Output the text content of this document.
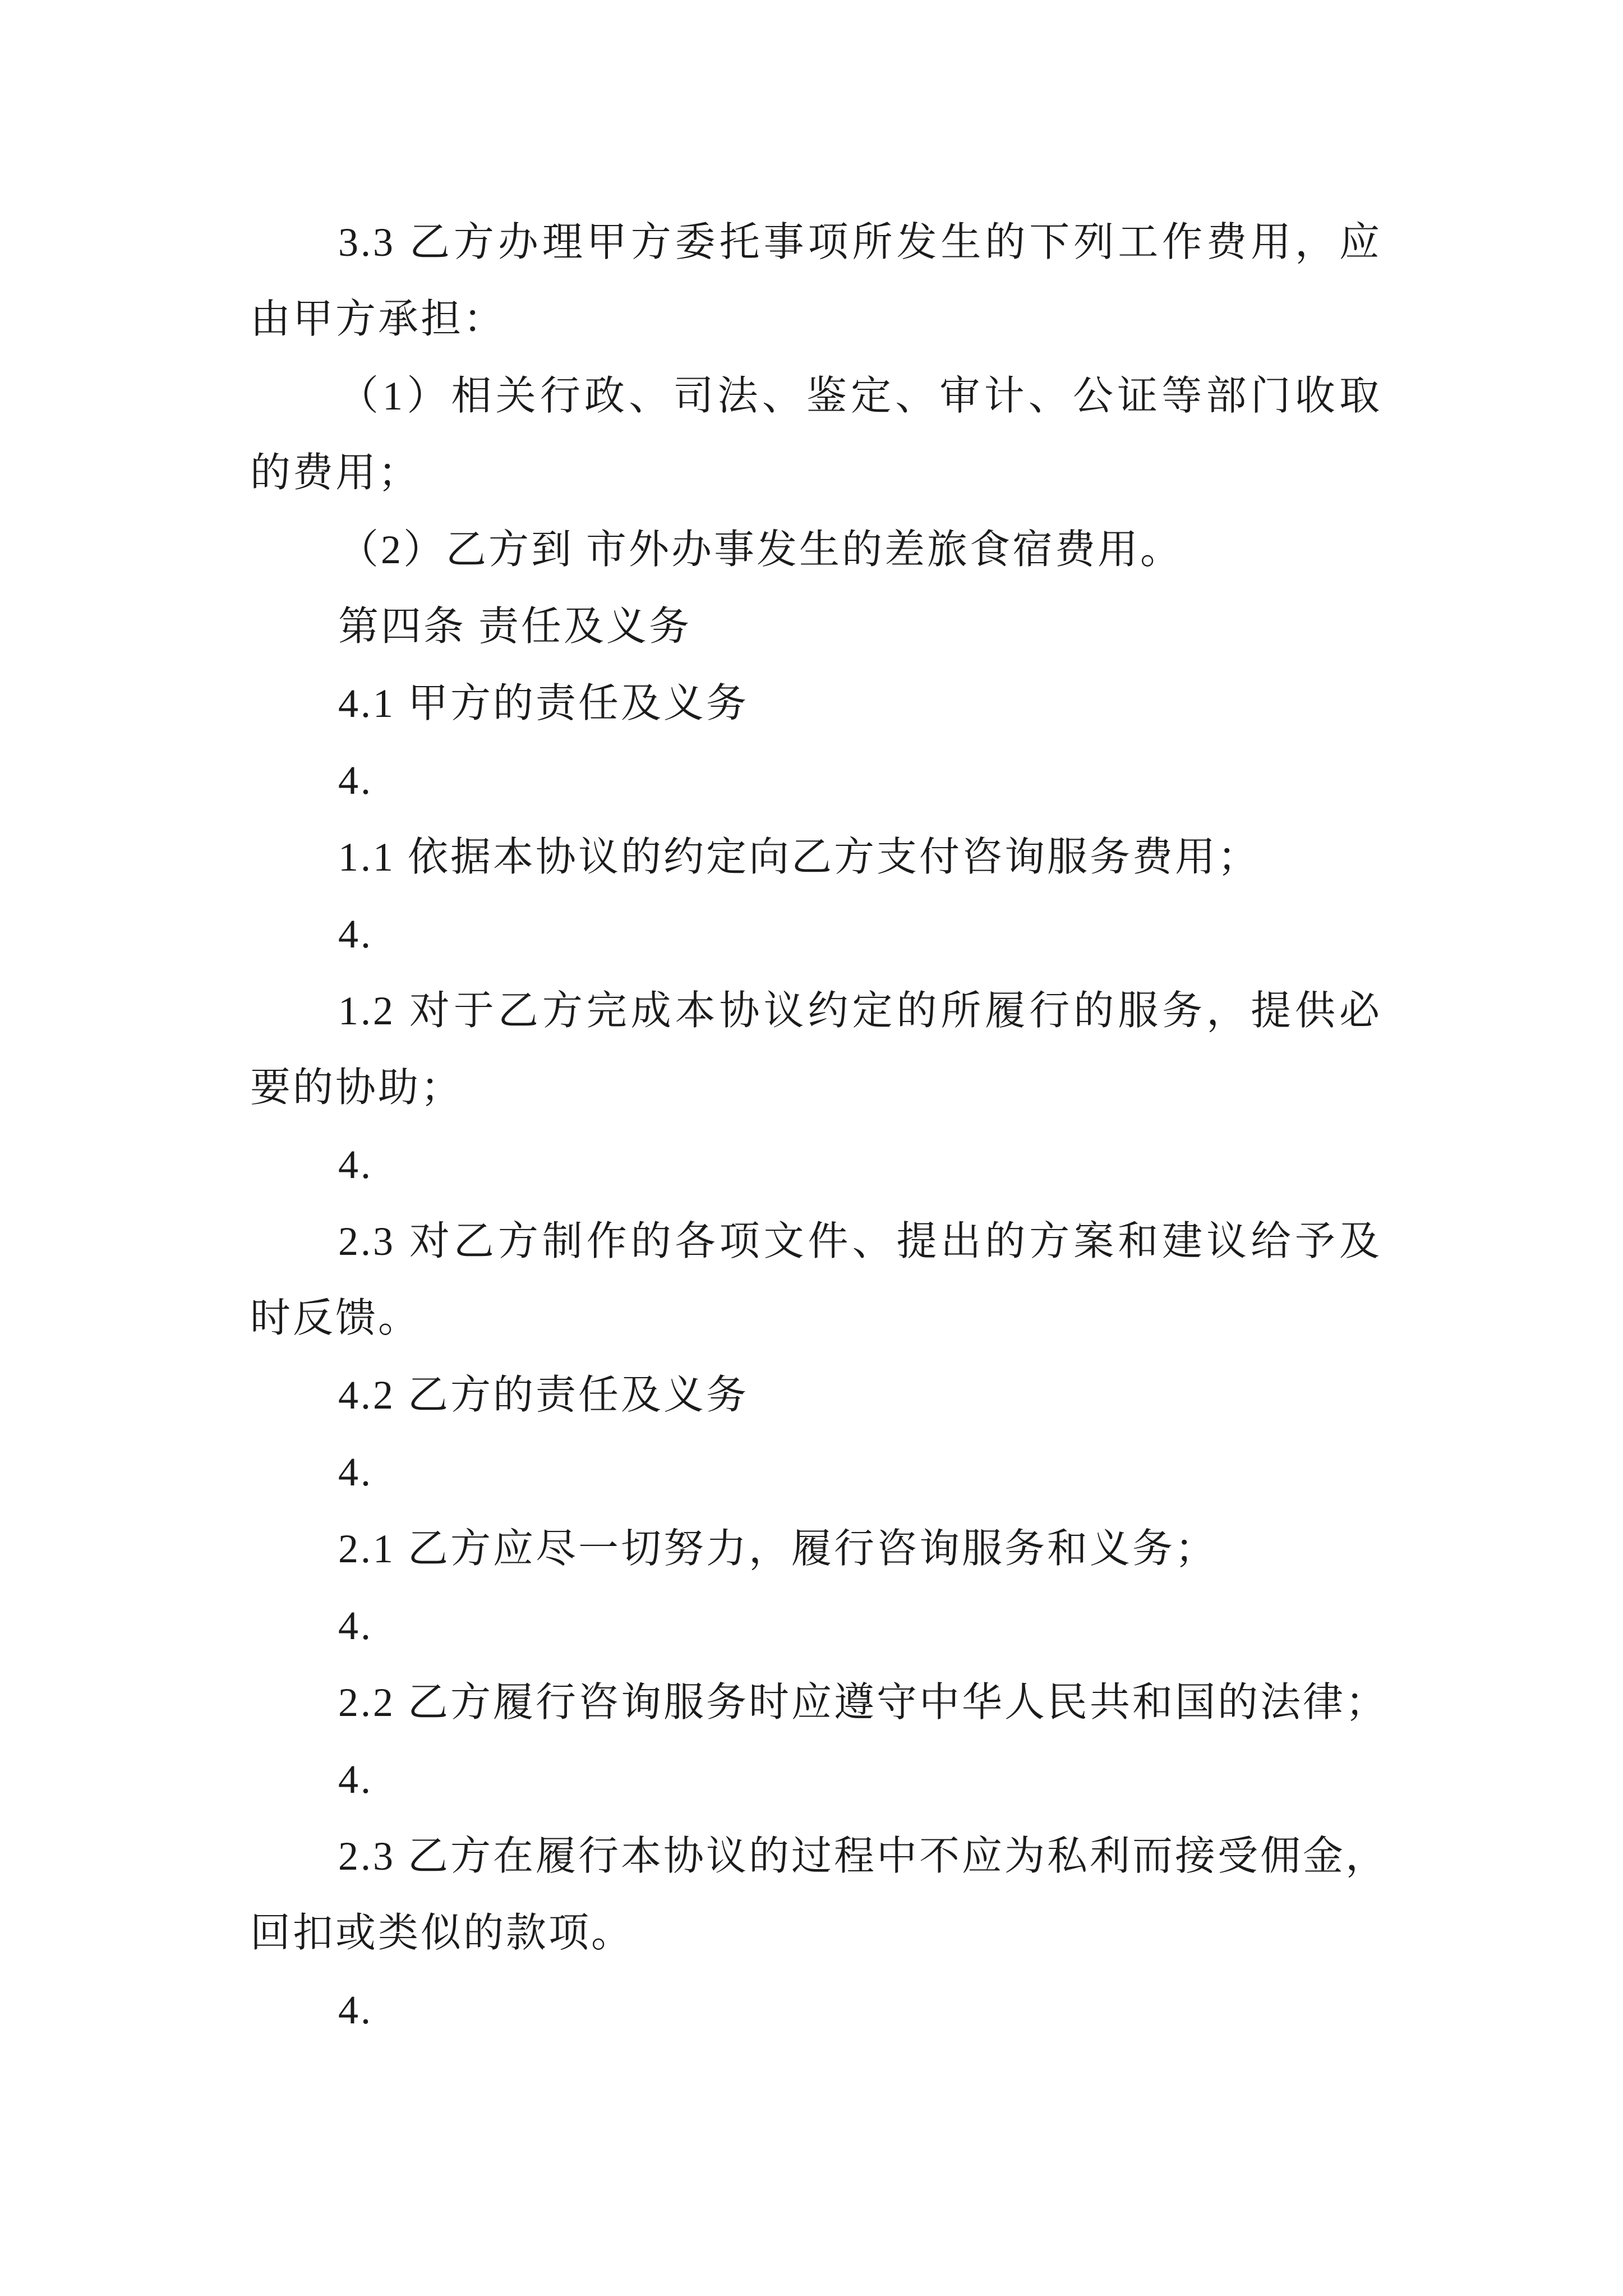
3.3 乙方办理甲方委托事项所发生的下列工作费用，应
由甲方承担：
（1）相关行政、司法、鉴定、审计、公证等部门收取
的费用；
（2）乙方到 市外办事发生的差旅食宿费用。
第四条 责任及义务
4.1 甲方的责任及义务
4.
1.1 依据本协议的约定向乙方支付咨询服务费用；
4.
1.2 对于乙方完成本协议约定的所履行的服务，提供必
要的协助；
4.
2.3 对乙方制作的各项文件、提出的方案和建议给予及
时反馈。
4.2 乙方的责任及义务
4.
2.1 乙方应尽一切努力，履行咨询服务和义务；
4.
2.2 乙方履行咨询服务时应遵守中华人民共和国的法律；
4.
2.3 乙方在履行本协议的过程中不应为私利而接受佣金，
回扣或类似的款项。
4.
